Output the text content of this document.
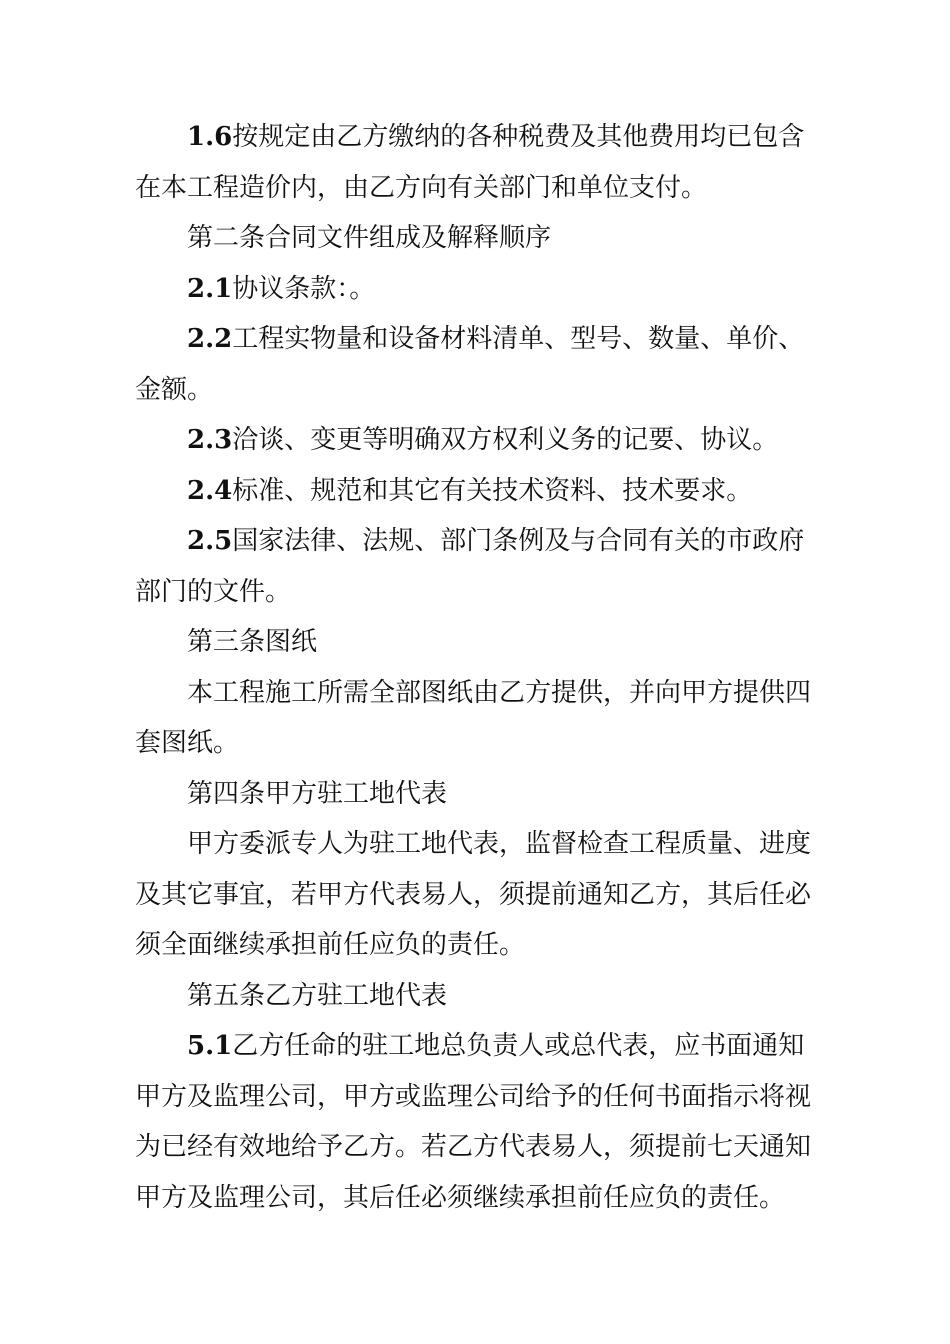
1.6按规定由乙方缴纳的各种税费及其他费用均已包含在本工程造价内，由乙方向有关部门和单位支付。

第二条合同文件组成及解释顺序

2.1协议条款：。

2.2工程实物量和设备材料清单、型号、数量、单价、金额。

2.3洽谈、变更等明确双方权利义务的记要、协议。

2.4标准、规范和其它有关技术资料、技术要求。

2.5国家法律、法规、部门条例及与合同有关的市政府部门的文件。

第三条图纸

本工程施工所需全部图纸由乙方提供，并向甲方提供四套图纸。

第四条甲方驻工地代表

甲方委派专人为驻工地代表，监督检查工程质量、进度及其它事宜，若甲方代表易人，须提前通知乙方，其后任必须全面继续承担前任应负的责任。

第五条乙方驻工地代表

5.1乙方任命的驻工地总负责人或总代表，应书面通知甲方及监理公司，甲方或监理公司给予的任何书面指示将视为已经有效地给予乙方。若乙方代表易人，须提前七天通知甲方及监理公司，其后任必须继续承担前任应负的责任。
